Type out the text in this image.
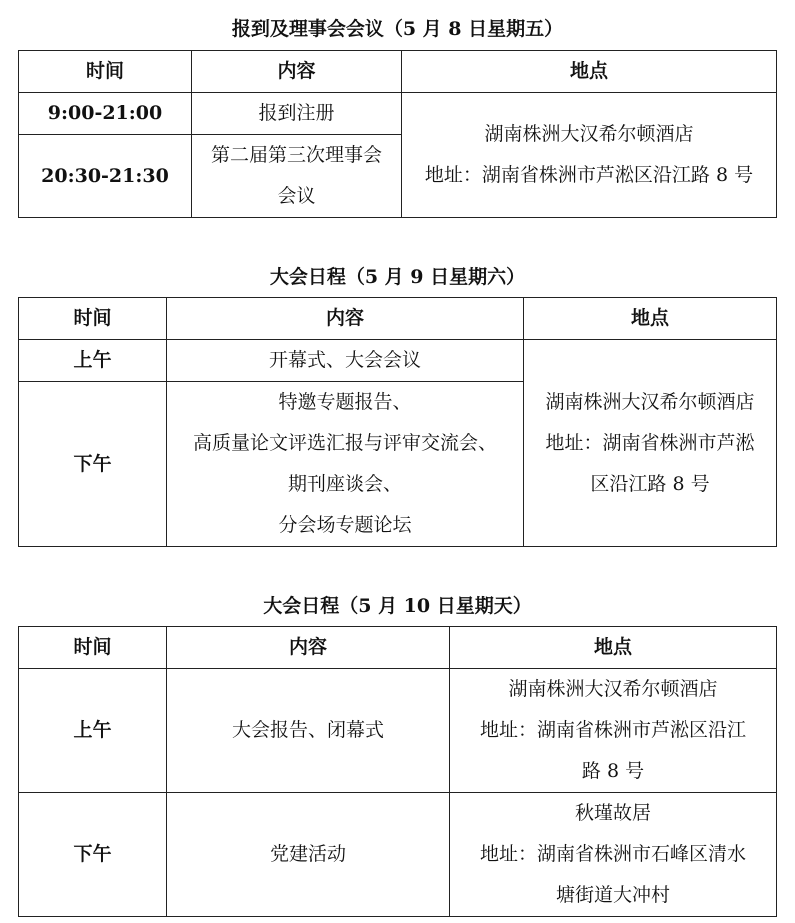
报到及理事会会议（5 月 8 日星期五）
时间	内容	地点
9:00-21:00	报到注册	湖南株洲大汉希尔顿酒店
地址：湖南省株洲市芦淞区沿江路 8 号

20:30-21:30	第二届第三次理事会
会议	
大会日程（5 月 9 日星期六）
时间	内容	地点
上午	开幕式、大会会议	湖南株洲大汉希尔顿酒店
地址：湖南省株洲市芦淞
区沿江路 8 号

下午	特邀专题报告、
高质量论文评选汇报与评审交流会、
期刊座谈会、
分会场专题论坛	
大会日程（5 月 10 日星期天）
时间	内容	地点
上午	大会报告、闭幕式	湖南株洲大汉希尔顿酒店
地址：湖南省株洲市芦淞区沿江
路 8 号

下午	党建活动	秋瑾故居
地址：湖南省株洲市石峰区清水
塘街道大冲村
